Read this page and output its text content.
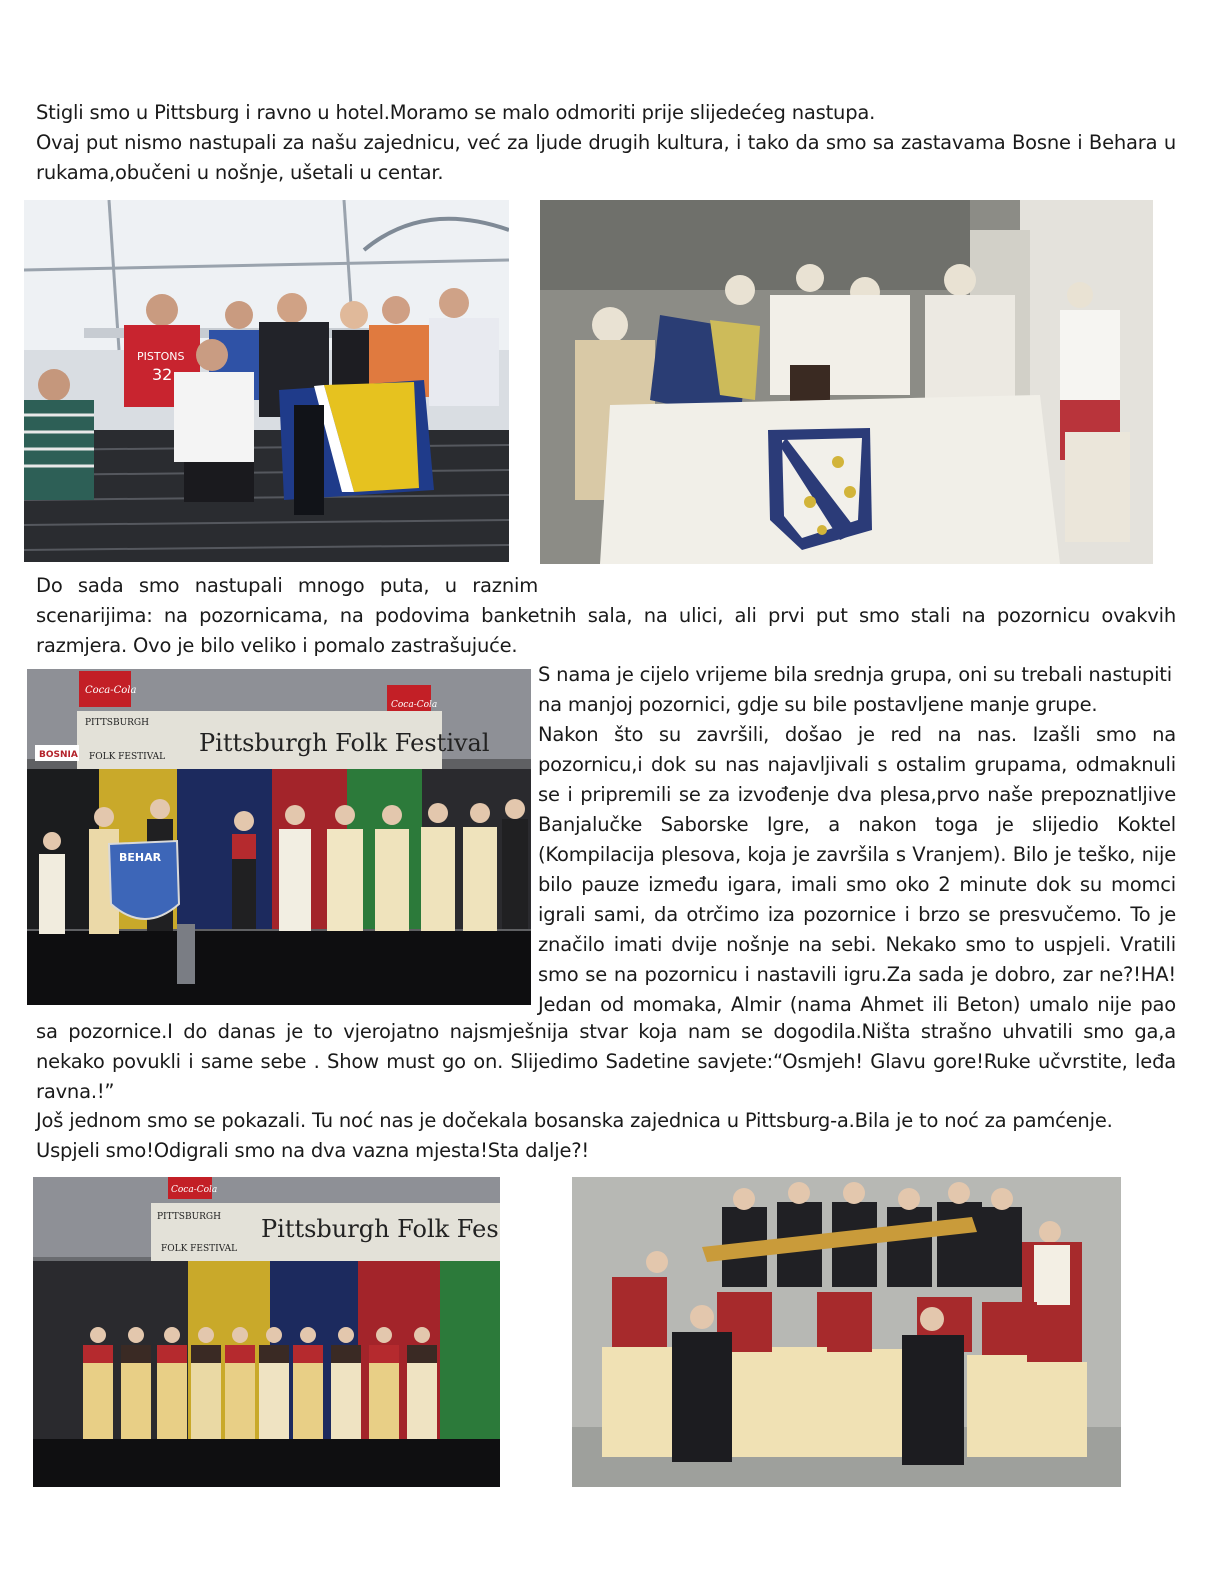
Stigli smo u Pittsburg i ravno u hotel.Moramo se malo odmoriti prije slijedećeg nastupa.
Ovaj put nismo nastupali za našu zajednicu, već za ljude drugih kultura, i tako da smo sa zastavama Bosne i Behara u
rukama,obučeni u nošnje, ušetali u centar.
PISTONS
32
Do sada smo nastupali mnogo puta, u raznim
scenarijima: na pozornicama, na podovima banketnih sala, na ulici, ali prvi put smo stali na pozornicu ovakvih
razmjera. Ovo je bilo veliko i pomalo zastrašujuće.
Coca-Cola
Coca-Cola
PITTSBURGH
FOLK FESTIVAL Pittsburgh Folk Festival
BOSNIA
BEHAR
S nama je cijelo vrijeme bila srednja grupa, oni su trebali nastupiti
na manjoj pozornici, gdje su bile postavljene manje grupe.
Nakon što su završili, došao je red na nas. Izašli smo na
pozornicu,i dok su nas najavljivali s ostalim grupama, odmaknuli
se i pripremili se za izvođenje dva plesa,prvo naše prepoznatljive
Banjalučke Saborske Igre, a nakon toga je slijedio Koktel
(Kompilacija plesova, koja je završila s Vranjem). Bilo je teško, nije
bilo pauze između igara, imali smo oko 2 minute dok su momci
igrali sami, da otrčimo iza pozornice i brzo se presvučemo. To je
značilo imati dvije nošnje na sebi. Nekako smo to uspjeli. Vratili
smo se na pozornicu i nastavili igru.Za sada je dobro, zar ne?!HA!
Jedan od momaka, Almir (nama Ahmet ili Beton) umalo nije pao
sa pozornice.I do danas je to vjerojatno najsmješnija stvar koja nam se dogodila.Ništa strašno uhvatili smo ga,a
nekako povukli i same sebe . Show must go on. Slijedimo Sadetine savjete:“Osmjeh! Glavu gore!Ruke učvrstite, leđa
ravna.!”
Još jednom smo se pokazali. Tu noć nas je dočekala bosanska zajednica u Pittsburg-a.Bila je to noć za pamćenje.
Uspjeli smo!Odigrali smo na dva vazna mjesta!Sta dalje?!
Coca-Cola
PITTSBURGH
FOLK FESTIVAL
Pittsburgh Folk Fes
